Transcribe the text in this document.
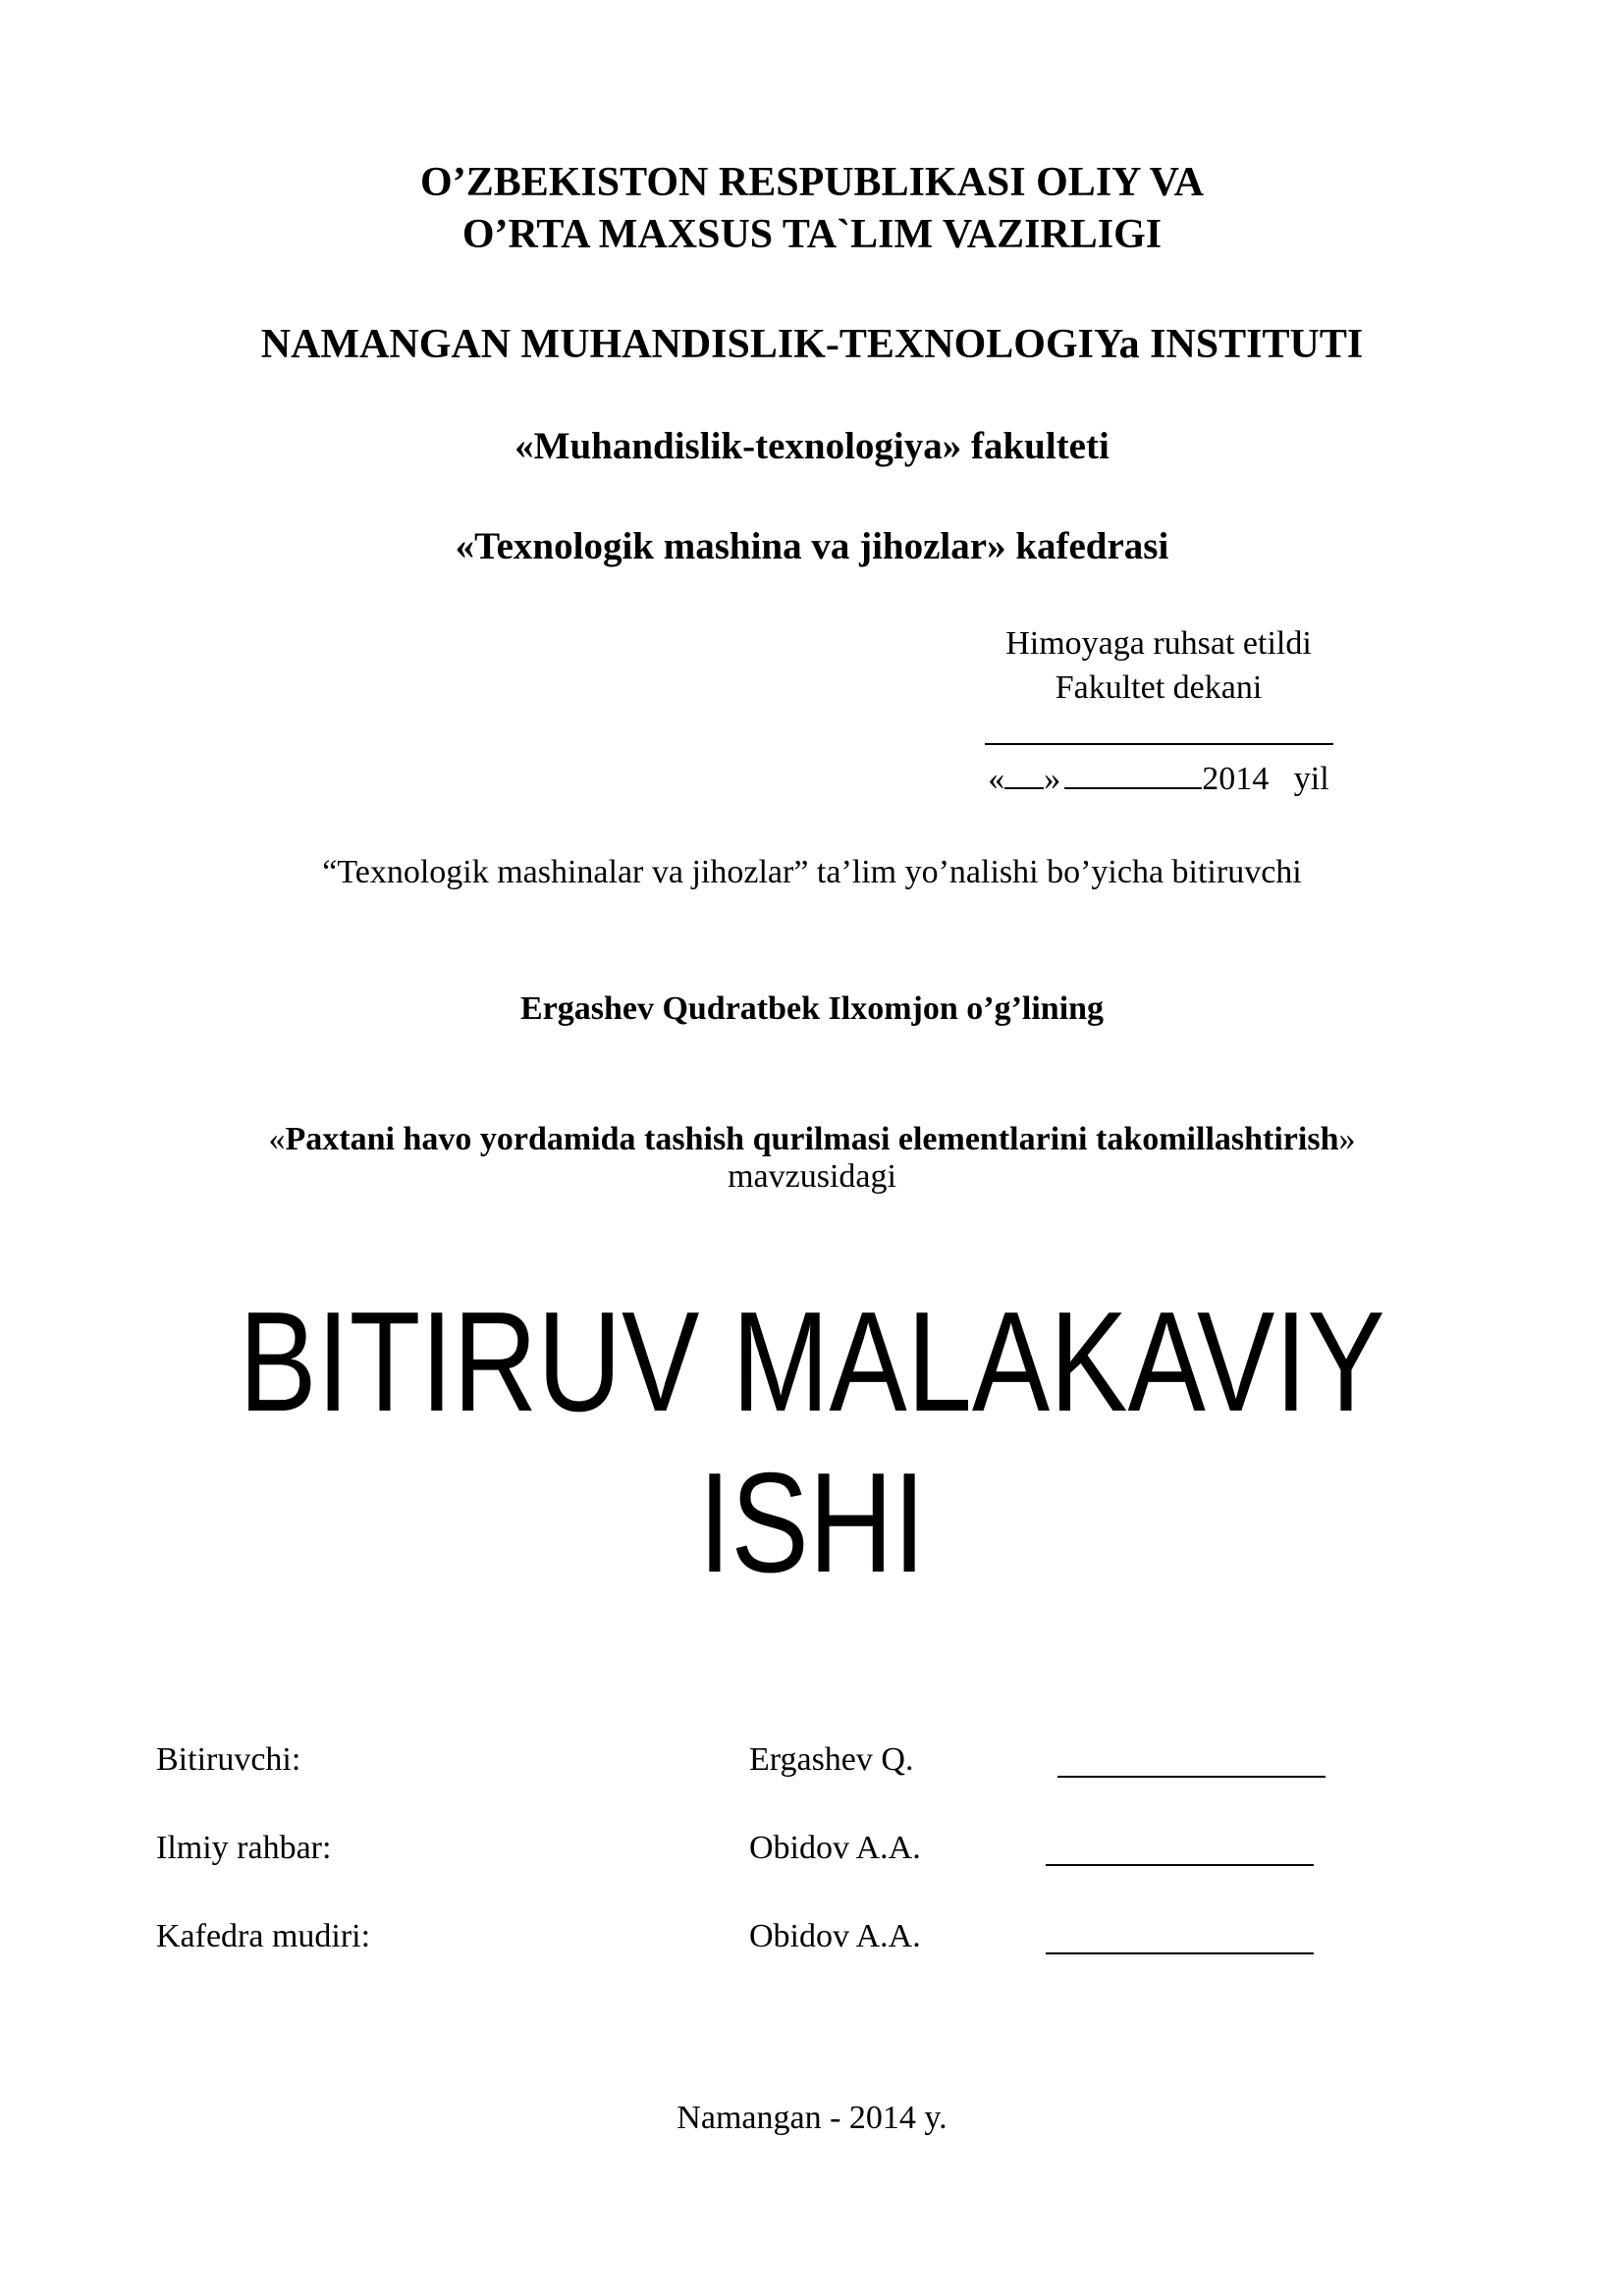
O’ZBEKISTON RESPUBLIKASI OLIY VA
O’RTA MAXSUS TA`LIM VAZIRLIGI
NAMANGAN MUHANDISLIK-TEXNOLOGIYa INSTITUTI
«Muhandislik-texnologiya» fakulteti
«Texnologik mashina va jihozlar» kafedrasi
Himoyaga ruhsat etildi
Fakultet dekani
« »	2014 yil
“Texnologik mashinalar va jihozlar” ta’lim yo’nalishi bo’yicha bitiruvchi
Ergashev Qudratbek Ilxomjon o’g’lining
«Paxtani havo yordamida tashish qurilmasi elementlarini takomillashtirish»
mavzusidagi
BITIRUV MALAKAVIY
ISHI
Bitiruvchi:	Ergashev Q.
Ilmiy rahbar:	Obidov A.A.
Kafedra mudiri:	Obidov A.A.
Namangan - 2014 y.
